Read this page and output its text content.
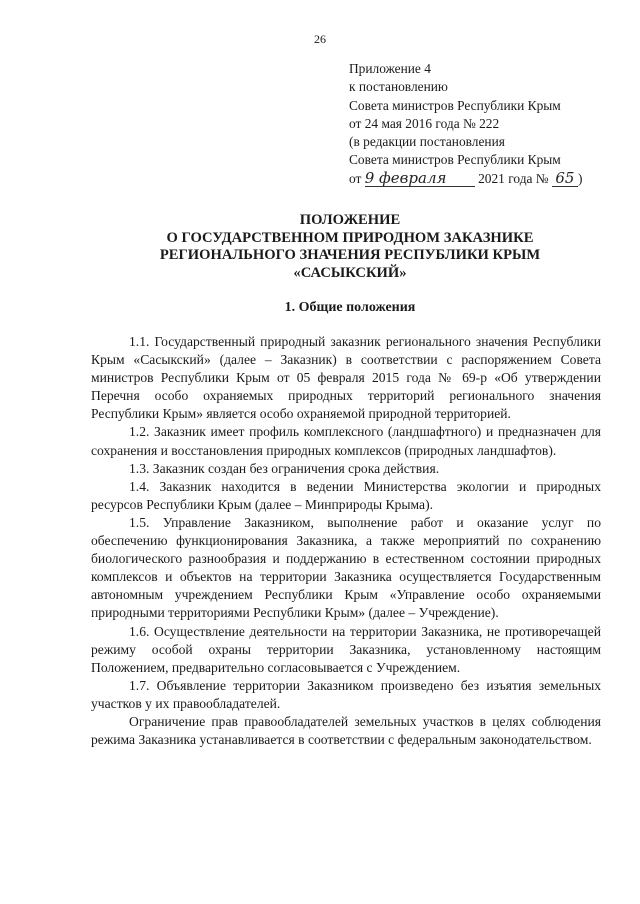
26
Приложение 4
к постановлению
Совета министров Республики Крым
от 24 мая 2016 года № 222
(в редакции постановления
Совета министров Республики Крым
от 9 февраля 2021 года № 65 )
ПОЛОЖЕНИЕ
О ГОСУДАРСТВЕННОМ ПРИРОДНОМ ЗАКАЗНИКЕ
РЕГИОНАЛЬНОГО ЗНАЧЕНИЯ РЕСПУБЛИКИ КРЫМ
«САСЫКСКИЙ»
1. Общие положения

1.1. Государственный природный заказник регионального значения Республики Крым «Сасыкский» (далее – Заказник) в соответствии с распоряжением Совета министров Республики Крым от 05 февраля 2015 года № 69-р «Об утверждении Перечня особо охраняемых природных территорий регионального значения Республики Крым» является особо охраняемой природной территорией.

1.2. Заказник имеет профиль комплексного (ландшафтного) и предназначен для сохранения и восстановления природных комплексов (природных ландшафтов).

1.3. Заказник создан без ограничения срока действия.

1.4. Заказник находится в ведении Министерства экологии и природных ресурсов Республики Крым (далее – Минприроды Крыма).

1.5. Управление Заказником, выполнение работ и оказание услуг по обеспечению функционирования Заказника, а также мероприятий по сохранению биологического разнообразия и поддержанию в естественном состоянии природных комплексов и объектов на территории Заказника осуществляется Государственным автономным учреждением Республики Крым «Управление особо охраняемыми природными территориями Республики Крым» (далее – Учреждение).

1.6. Осуществление деятельности на территории Заказника, не противоречащей режиму особой охраны территории Заказника, установленному настоящим Положением, предварительно согласовывается с Учреждением.

1.7. Объявление территории Заказником произведено без изъятия земельных участков у их правообладателей.

Ограничение прав правообладателей земельных участков в целях соблюдения режима Заказника устанавливается в соответствии с федеральным законодательством.
